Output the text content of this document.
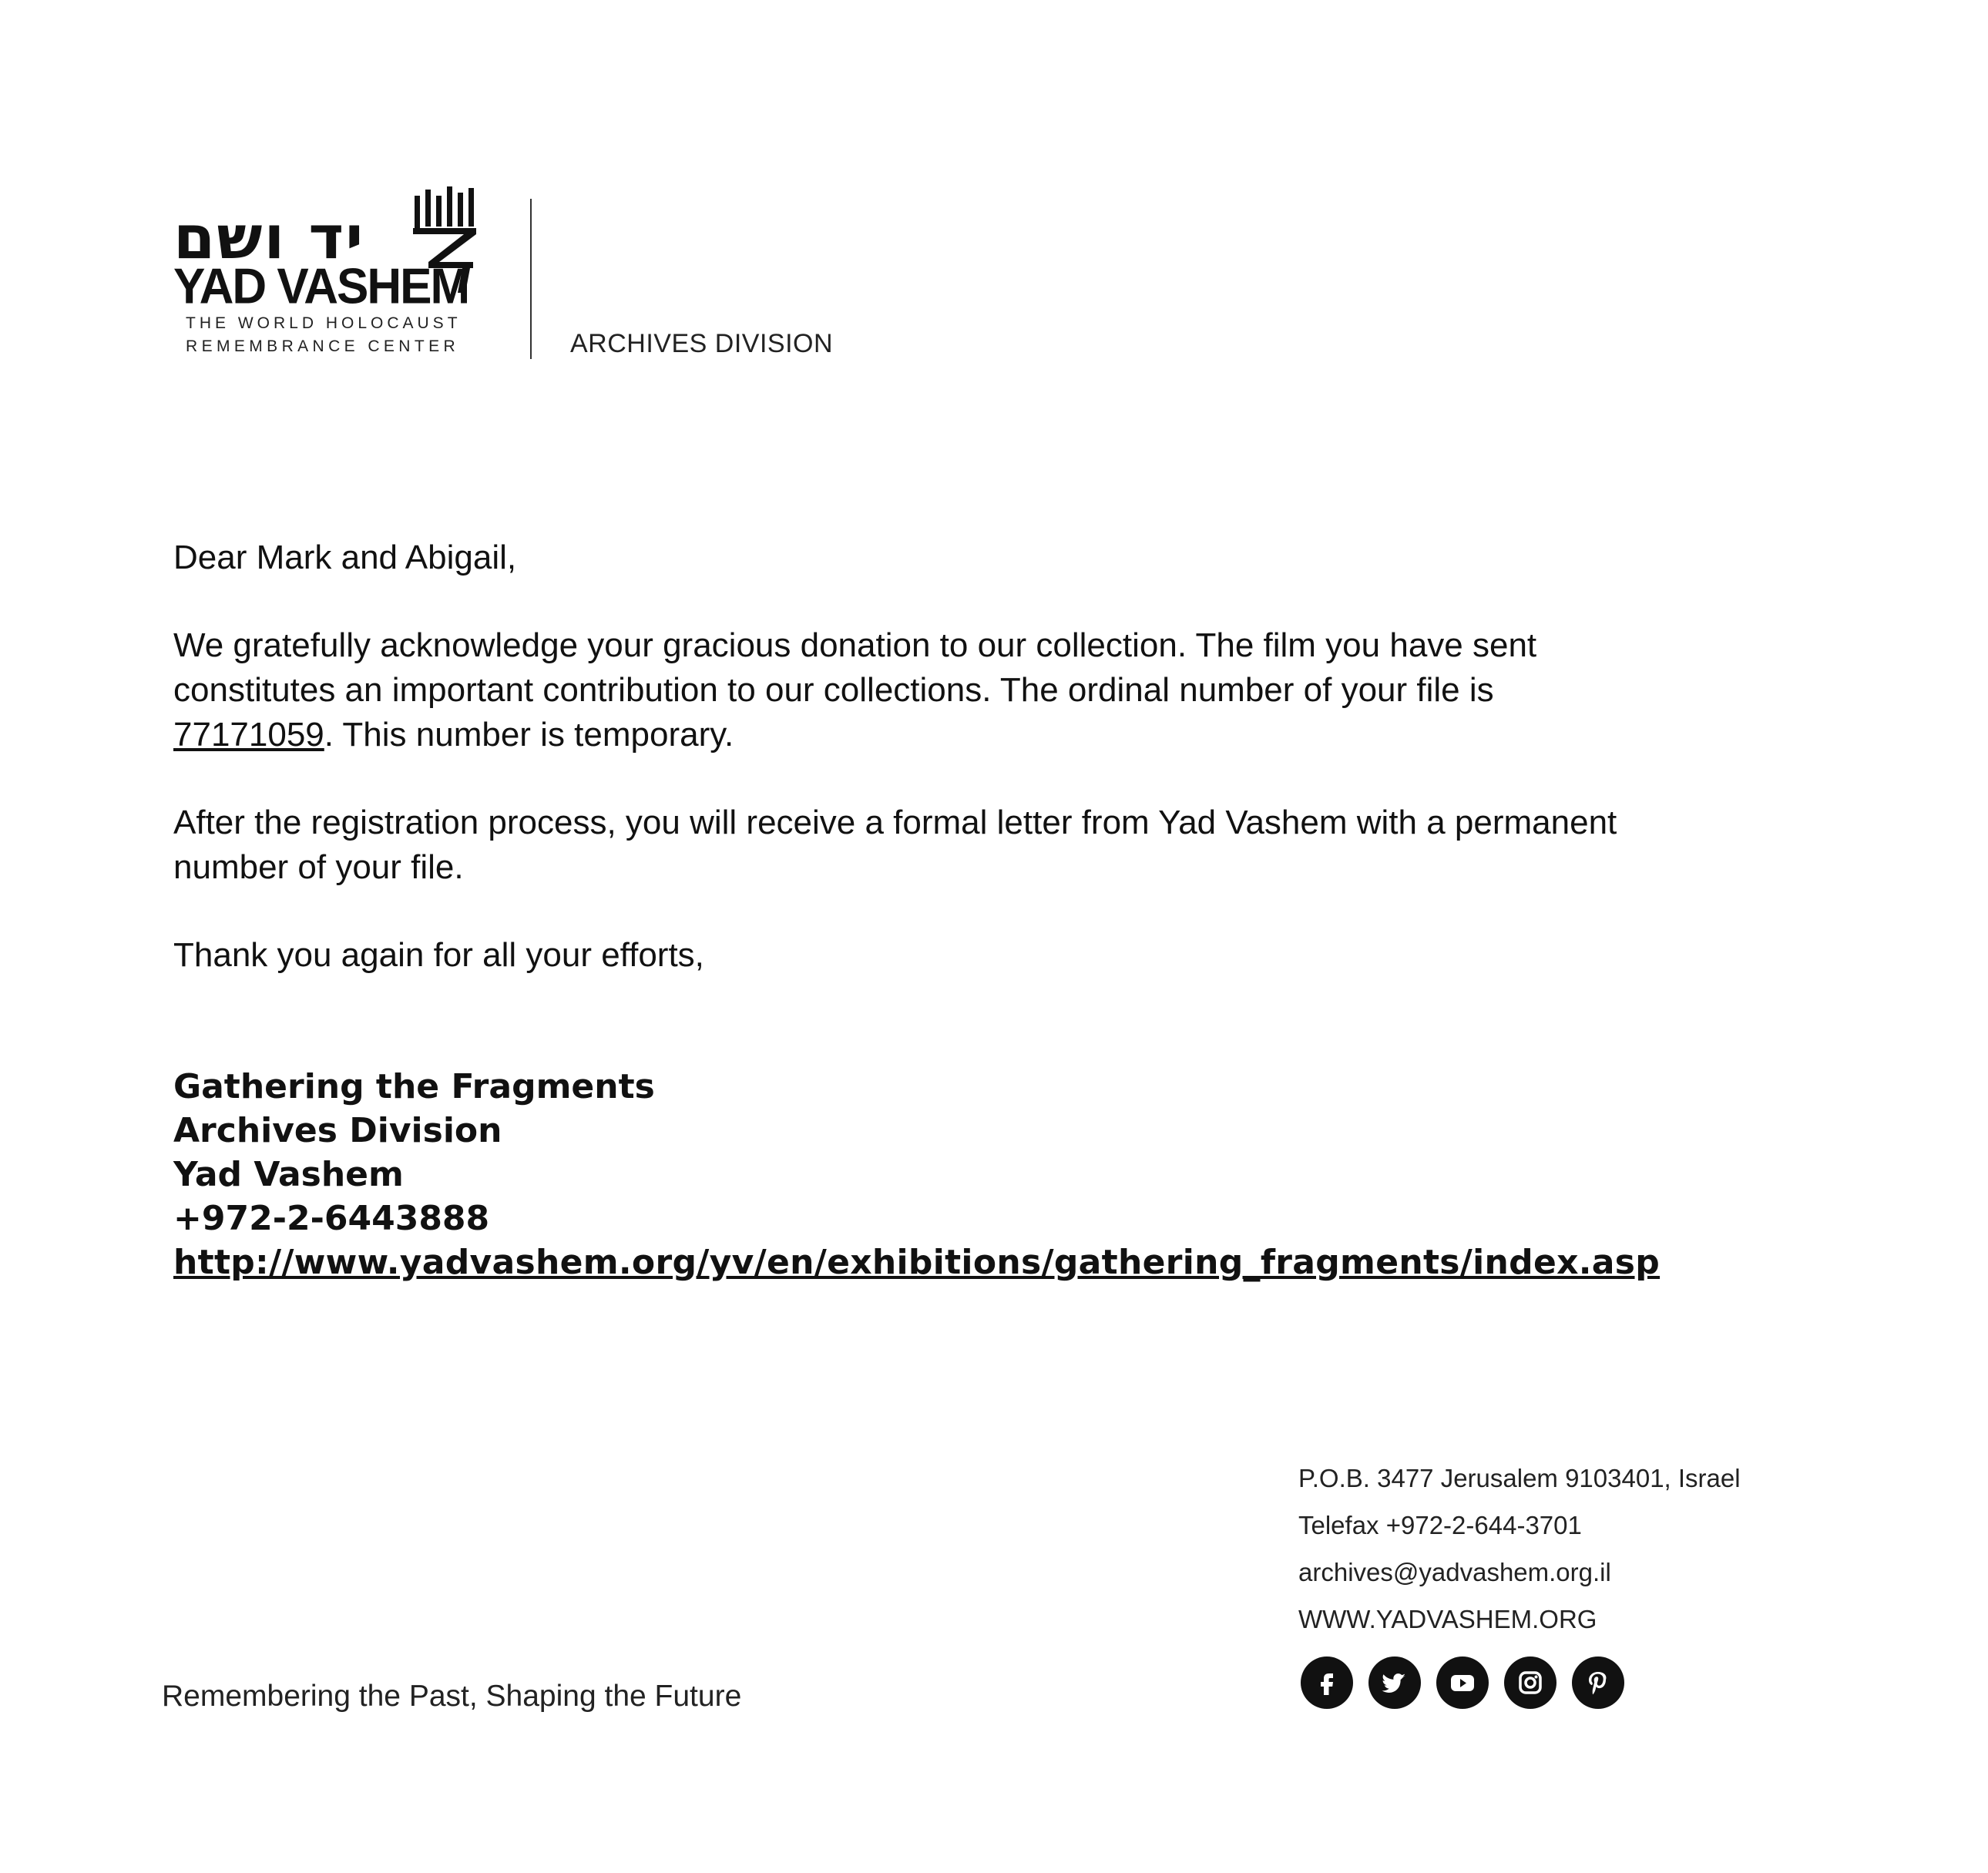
יד ושם
YAD VASHEM
THE WORLD HOLOCAUST
REMEMBRANCE CENTER	ARCHIVES DIVISION

Dear Mark and Abigail,

We gratefully acknowledge your gracious donation to our collection. The film you have sent
constitutes an important contribution to our collections. The ordinal number of your file is
77171059. This number is temporary.

After the registration process, you will receive a formal letter from Yad Vashem with a permanent
number of your file.

Thank you again for all your efforts,

Gathering the Fragments
Archives Division
Yad Vashem
+972-2-6443888
http://www.yadvashem.org/yv/en/exhibitions/gathering_fragments/index.asp
Remembering the Past, Shaping the Future
P.O.B. 3477 Jerusalem 9103401, Israel
Telefax +972-2-644-3701
archives@yadvashem.org.il
WWW.YADVASHEM.ORG
